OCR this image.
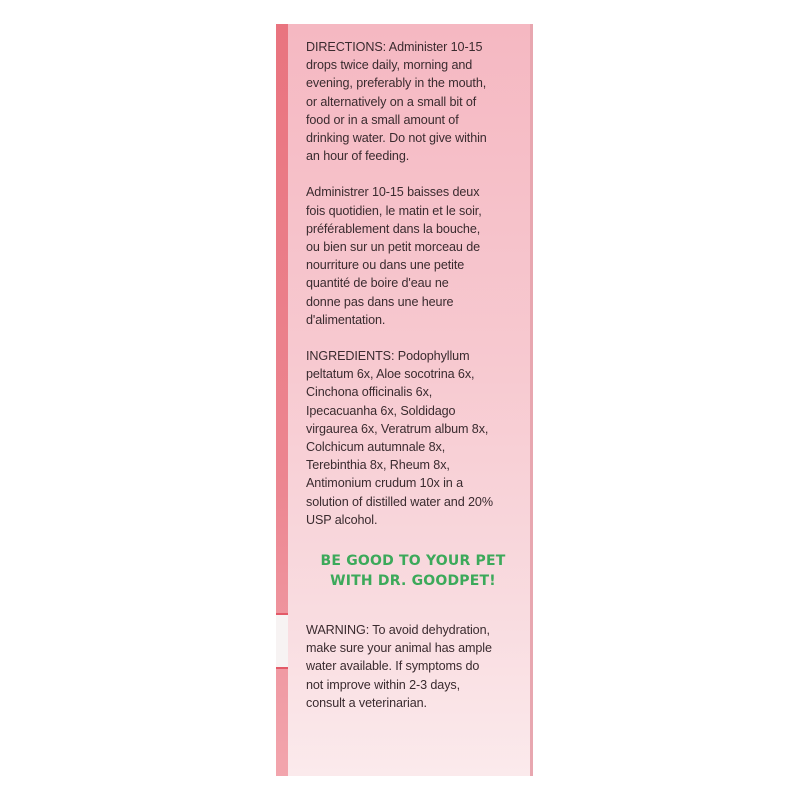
DIRECTIONS: Administer 10-15
drops twice daily, morning and
evening, preferably in the mouth,
or alternatively on a small bit of
food or in a small amount of
drinking water. Do not give within
an hour of feeding.

Administrer 10-15 baisses deux
fois quotidien, le matin et le soir,
préférablement dans la bouche,
ou bien sur un petit morceau de
nourriture ou dans une petite
quantité de boire d'eau ne
donne pas dans une heure
d'alimentation.

INGREDIENTS: Podophyllum
peltatum 6x, Aloe socotrina 6x,
Cinchona officinalis 6x,
Ipecacuanha 6x, Soldidago
virgaurea 6x, Veratrum album 8x,
Colchicum autumnale 8x,
Terebinthia 8x, Rheum 8x,
Antimonium crudum 10x in a
solution of distilled water and 20%
USP alcohol.

BE GOOD TO YOUR PET
WITH DR. GOODPET!

WARNING: To avoid dehydration,
make sure your animal has ample
water available. If symptoms do
not improve within 2-3 days,
consult a veterinarian.
